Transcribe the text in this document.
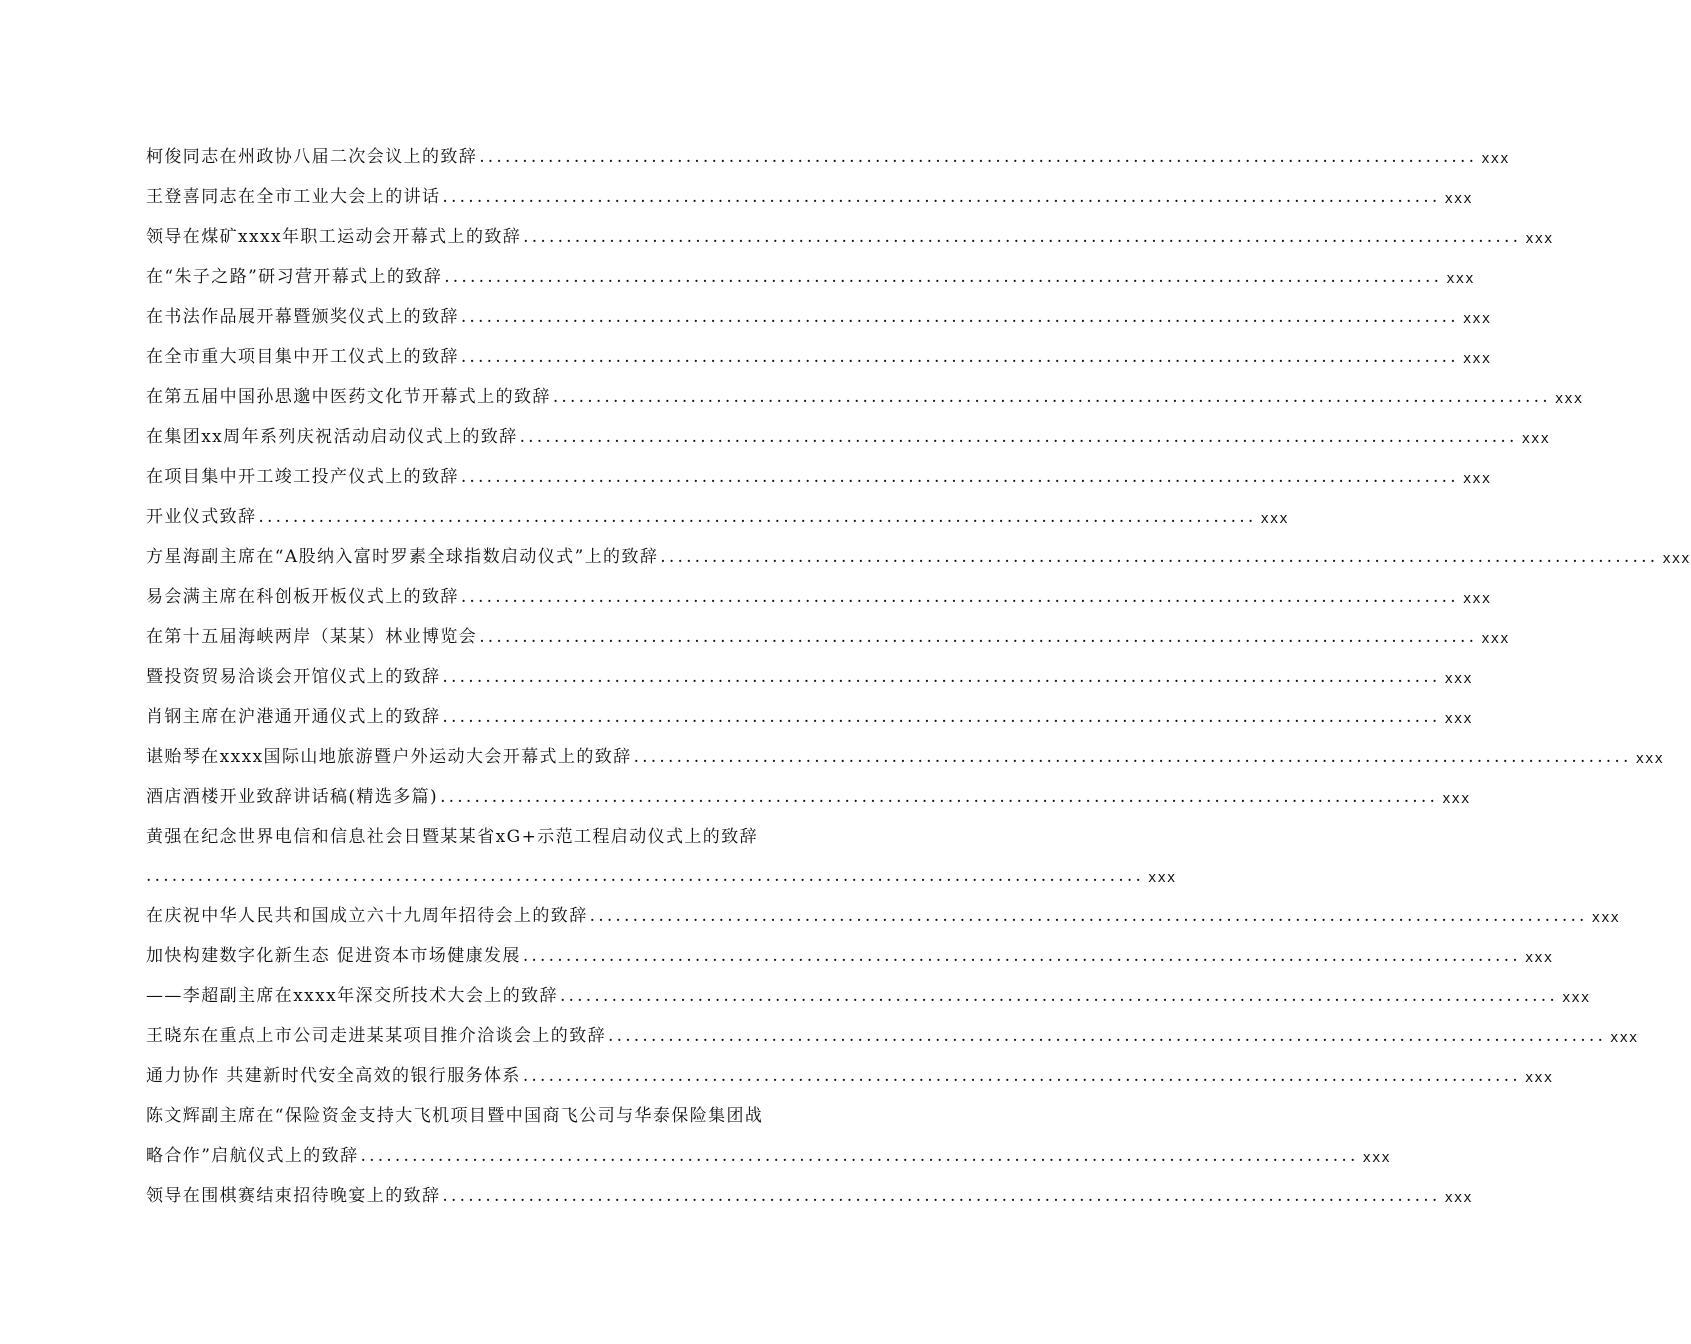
柯俊同志在州政协八届二次会议上的致辞 .................................................................................................................... xxx
王登喜同志在全市工业大会上的讲话 .................................................................................................................... xxx
领导在煤矿xxxx年职工运动会开幕式上的致辞 .................................................................................................................... xxx
在“朱子之路”研习营开幕式上的致辞 .................................................................................................................... xxx
在书法作品展开幕暨颁奖仪式上的致辞 .................................................................................................................... xxx
在全市重大项目集中开工仪式上的致辞 .................................................................................................................... xxx
在第五届中国孙思邈中医药文化节开幕式上的致辞 .................................................................................................................... xxx
在集团xx周年系列庆祝活动启动仪式上的致辞 .................................................................................................................... xxx
在项目集中开工竣工投产仪式上的致辞 .................................................................................................................... xxx
开业仪式致辞 .................................................................................................................... xxx
方星海副主席在“A股纳入富时罗素全球指数启动仪式”上的致辞 .................................................................................................................... xxx
易会满主席在科创板开板仪式上的致辞 .................................................................................................................... xxx
在第十五届海峡两岸（某某）林业博览会 .................................................................................................................... xxx
暨投资贸易洽谈会开馆仪式上的致辞 .................................................................................................................... xxx
肖钢主席在沪港通开通仪式上的致辞 .................................................................................................................... xxx
谌贻琴在xxxx国际山地旅游暨户外运动大会开幕式上的致辞 .................................................................................................................... xxx
酒店酒楼开业致辞讲话稿(精选多篇) .................................................................................................................... xxx
黄强在纪念世界电信和信息社会日暨某某省xG+示范工程启动仪式上的致辞
.................................................................................................................... xxx
在庆祝中华人民共和国成立六十九周年招待会上的致辞 .................................................................................................................... xxx
加快构建数字化新生态 促进资本市场健康发展 .................................................................................................................... xxx
——李超副主席在xxxx年深交所技术大会上的致辞 .................................................................................................................... xxx
王晓东在重点上市公司走进某某项目推介洽谈会上的致辞 .................................................................................................................... xxx
通力协作 共建新时代安全高效的银行服务体系 .................................................................................................................... xxx
陈文辉副主席在“保险资金支持大飞机项目暨中国商飞公司与华泰保险集团战
略合作”启航仪式上的致辞 .................................................................................................................... xxx
领导在围棋赛结束招待晚宴上的致辞 .................................................................................................................... xxx
